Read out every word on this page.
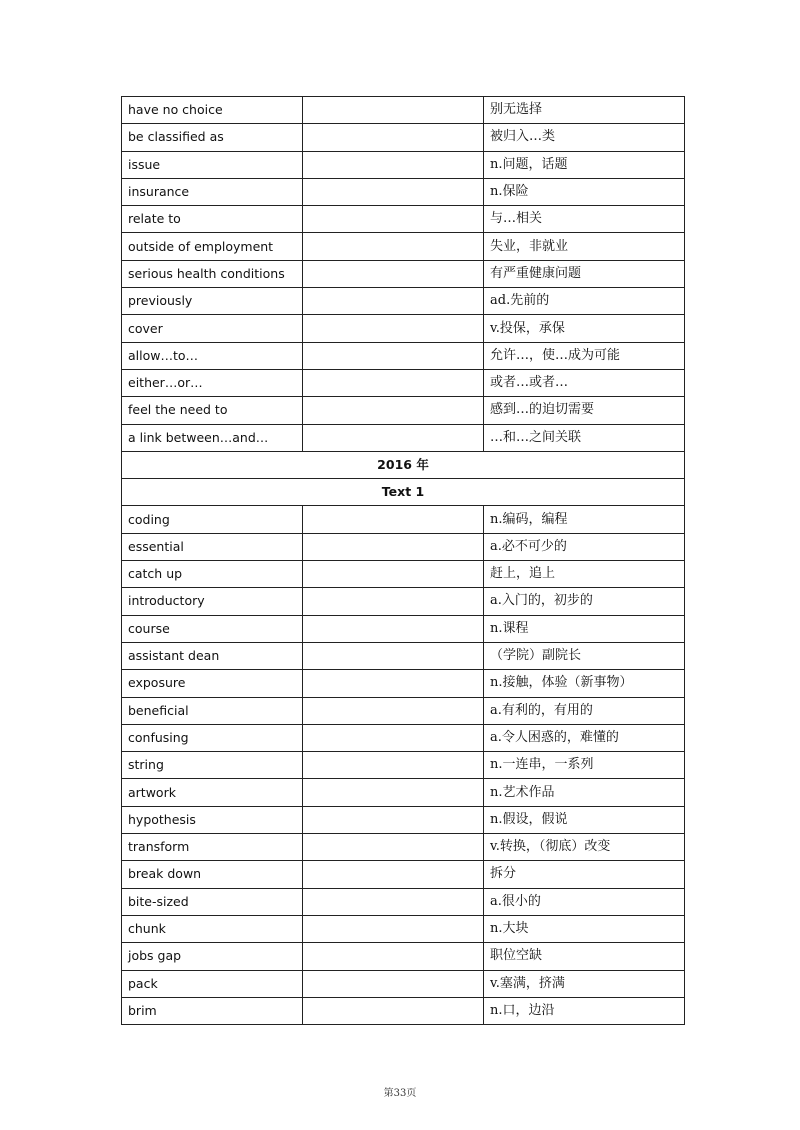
have no choice		别无选择
be classified as		被归入…类
issue		n.问题，话题
insurance		n.保险
relate to		与…相关
outside of employment		失业，非就业
serious health conditions		有严重健康问题
previously		ad.先前的
cover		v.投保，承保
allow…to…		允许…，使…成为可能
either…or…		或者…或者…
feel the need to		感到…的迫切需要
a link between…and…		…和…之间关联
2016 年		
Text 1		
coding		n.编码，编程
essential		a.必不可少的
catch up		赶上，追上
introductory		a.入门的，初步的
course		n.课程
assistant dean		（学院）副院长
exposure		n.接触，体验（新事物）
beneficial		a.有利的，有用的
confusing		a.令人困惑的，难懂的
string		n.一连串，一系列
artwork		n.艺术作品
hypothesis		n.假设，假说
transform		v.转换，（彻底）改变
break down		拆分
bite-sized		a.很小的
chunk		n.大块
jobs gap		职位空缺
pack		v.塞满，挤满
brim		n.口，边沿
第33页
